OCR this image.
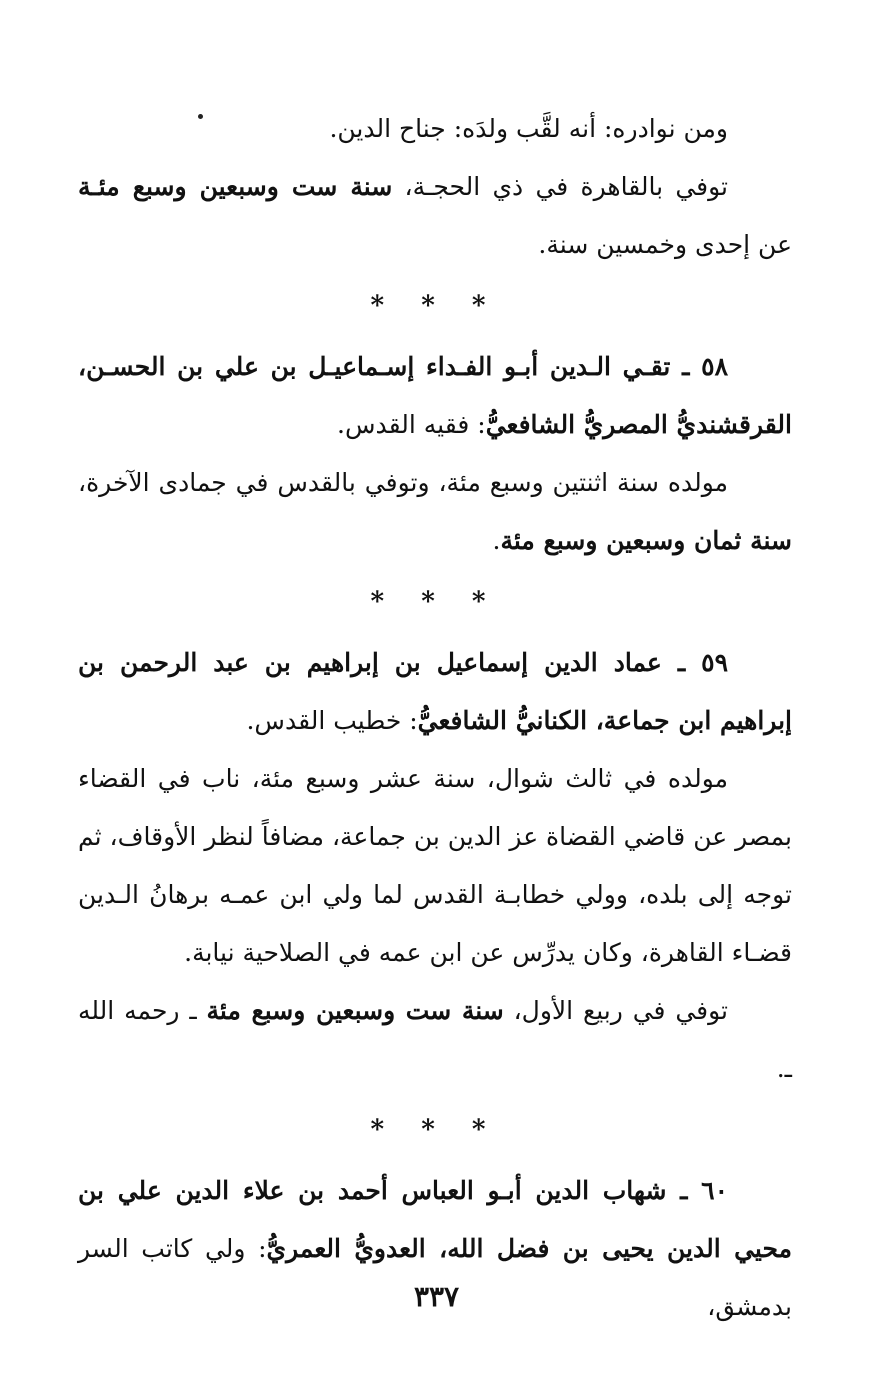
ومن نوادره: أنه لقَّب ولدَه: جناح الدين.

توفي بالقاهرة في ذي الحجـة، سنة ست وسبعين وسبع مئـة عن إحدى وخمسين سنة.

* * *

٥٨ ـ تقـي الـدين أبـو الفـداء إسـماعيـل بن علي بن الحسـن، القرقشنديُّ المصريُّ الشافعيُّ: فقيه القدس.

مولده سنة اثنتين وسبع مئة، وتوفي بالقدس في جمادى الآخرة، سنة ثمان وسبعين وسبع مئة.

* * *

٥٩ ـ عماد الدين إسماعيل بن إبراهيم بن عبد الرحمن بن إبراهيم ابن جماعة، الكنانيُّ الشافعيُّ: خطيب القدس.

مولده في ثالث شوال، سنة عشر وسبع مئة، ناب في القضاء بمصر عن قاضي القضاة عز الدين بن جماعة، مضافاً لنظر الأوقاف، ثم توجه إلى بلده، وولي خطابـة القدس لما ولي ابن عمـه برهانُ الـدين قضـاء القاهرة، وكان يدرِّس عن ابن عمه في الصلاحية نيابة.

توفي في ربيع الأول، سنة ست وسبعين وسبع مئة ـ رحمه الله ـ.

* * *

٦٠ ـ شهاب الدين أبـو العباس أحمد بن علاء الدين علي بن محيي الدين يحيى بن فضل الله، العدويُّ العمريُّ: ولي كاتب السر بدمشق،

٣٣٧
